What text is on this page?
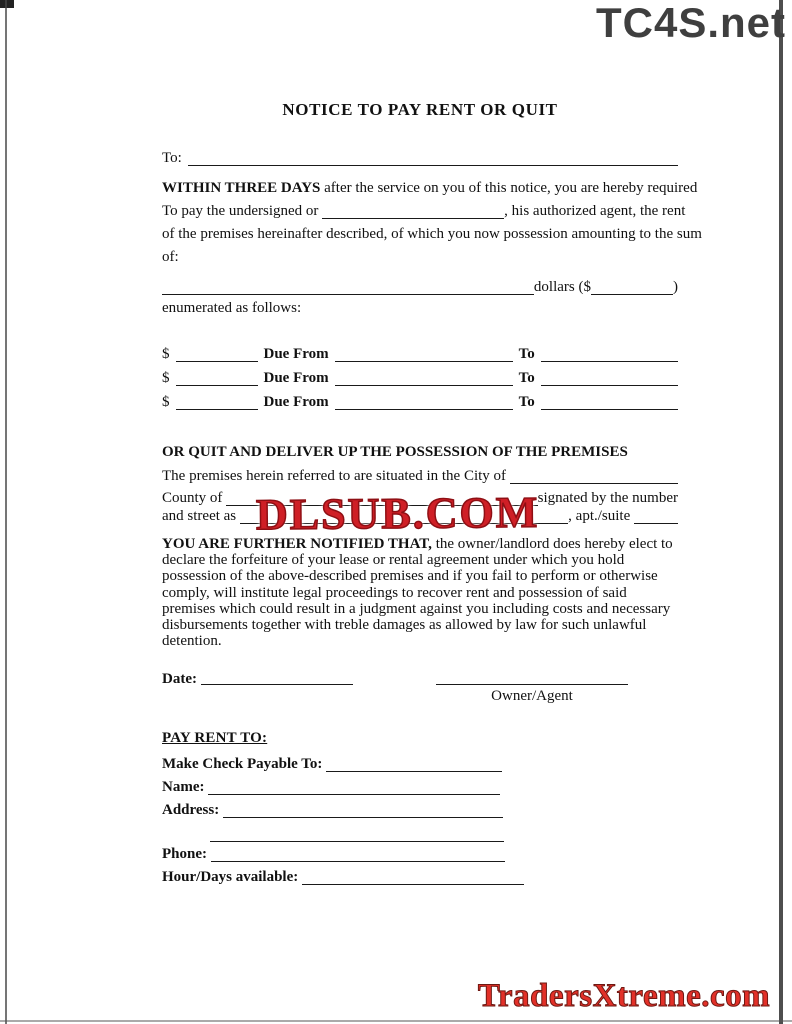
TC4S.net
NOTICE TO PAY RENT OR QUIT
To:
WITHIN THREE DAYS after the service on you of this notice, you are hereby required
To pay the undersigned or	, his authorized agent, the rent
of the premises hereinafter described, of which you now possession amounting to the sum
of:
dollars ($	)
enumerated as follows:
$	Due From	To
$	Due From	To
$	Due From	To
OR QUIT AND DELIVER UP THE POSSESSION OF THE PREMISES
The premises herein referred to are situated in the City of
County of	signated by the number
and street as	, apt./suite

YOU ARE FURTHER NOTIFIED THAT, the owner/landlord does hereby elect to declare the forfeiture of your lease or rental agreement under which you hold possession of the above-described premises and if you fail to perform or otherwise comply, will institute legal proceedings to recover rent and possession of said premises which could result in a judgment against you including costs and necessary disbursements together with treble damages as allowed by law for such unlawful detention.

Date:
Owner/Agent
PAY RENT TO:
Make Check Payable To:
Name:
Address:
Phone:
Hour/Days available:
DLSUB.COM
TradersXtreme.com
